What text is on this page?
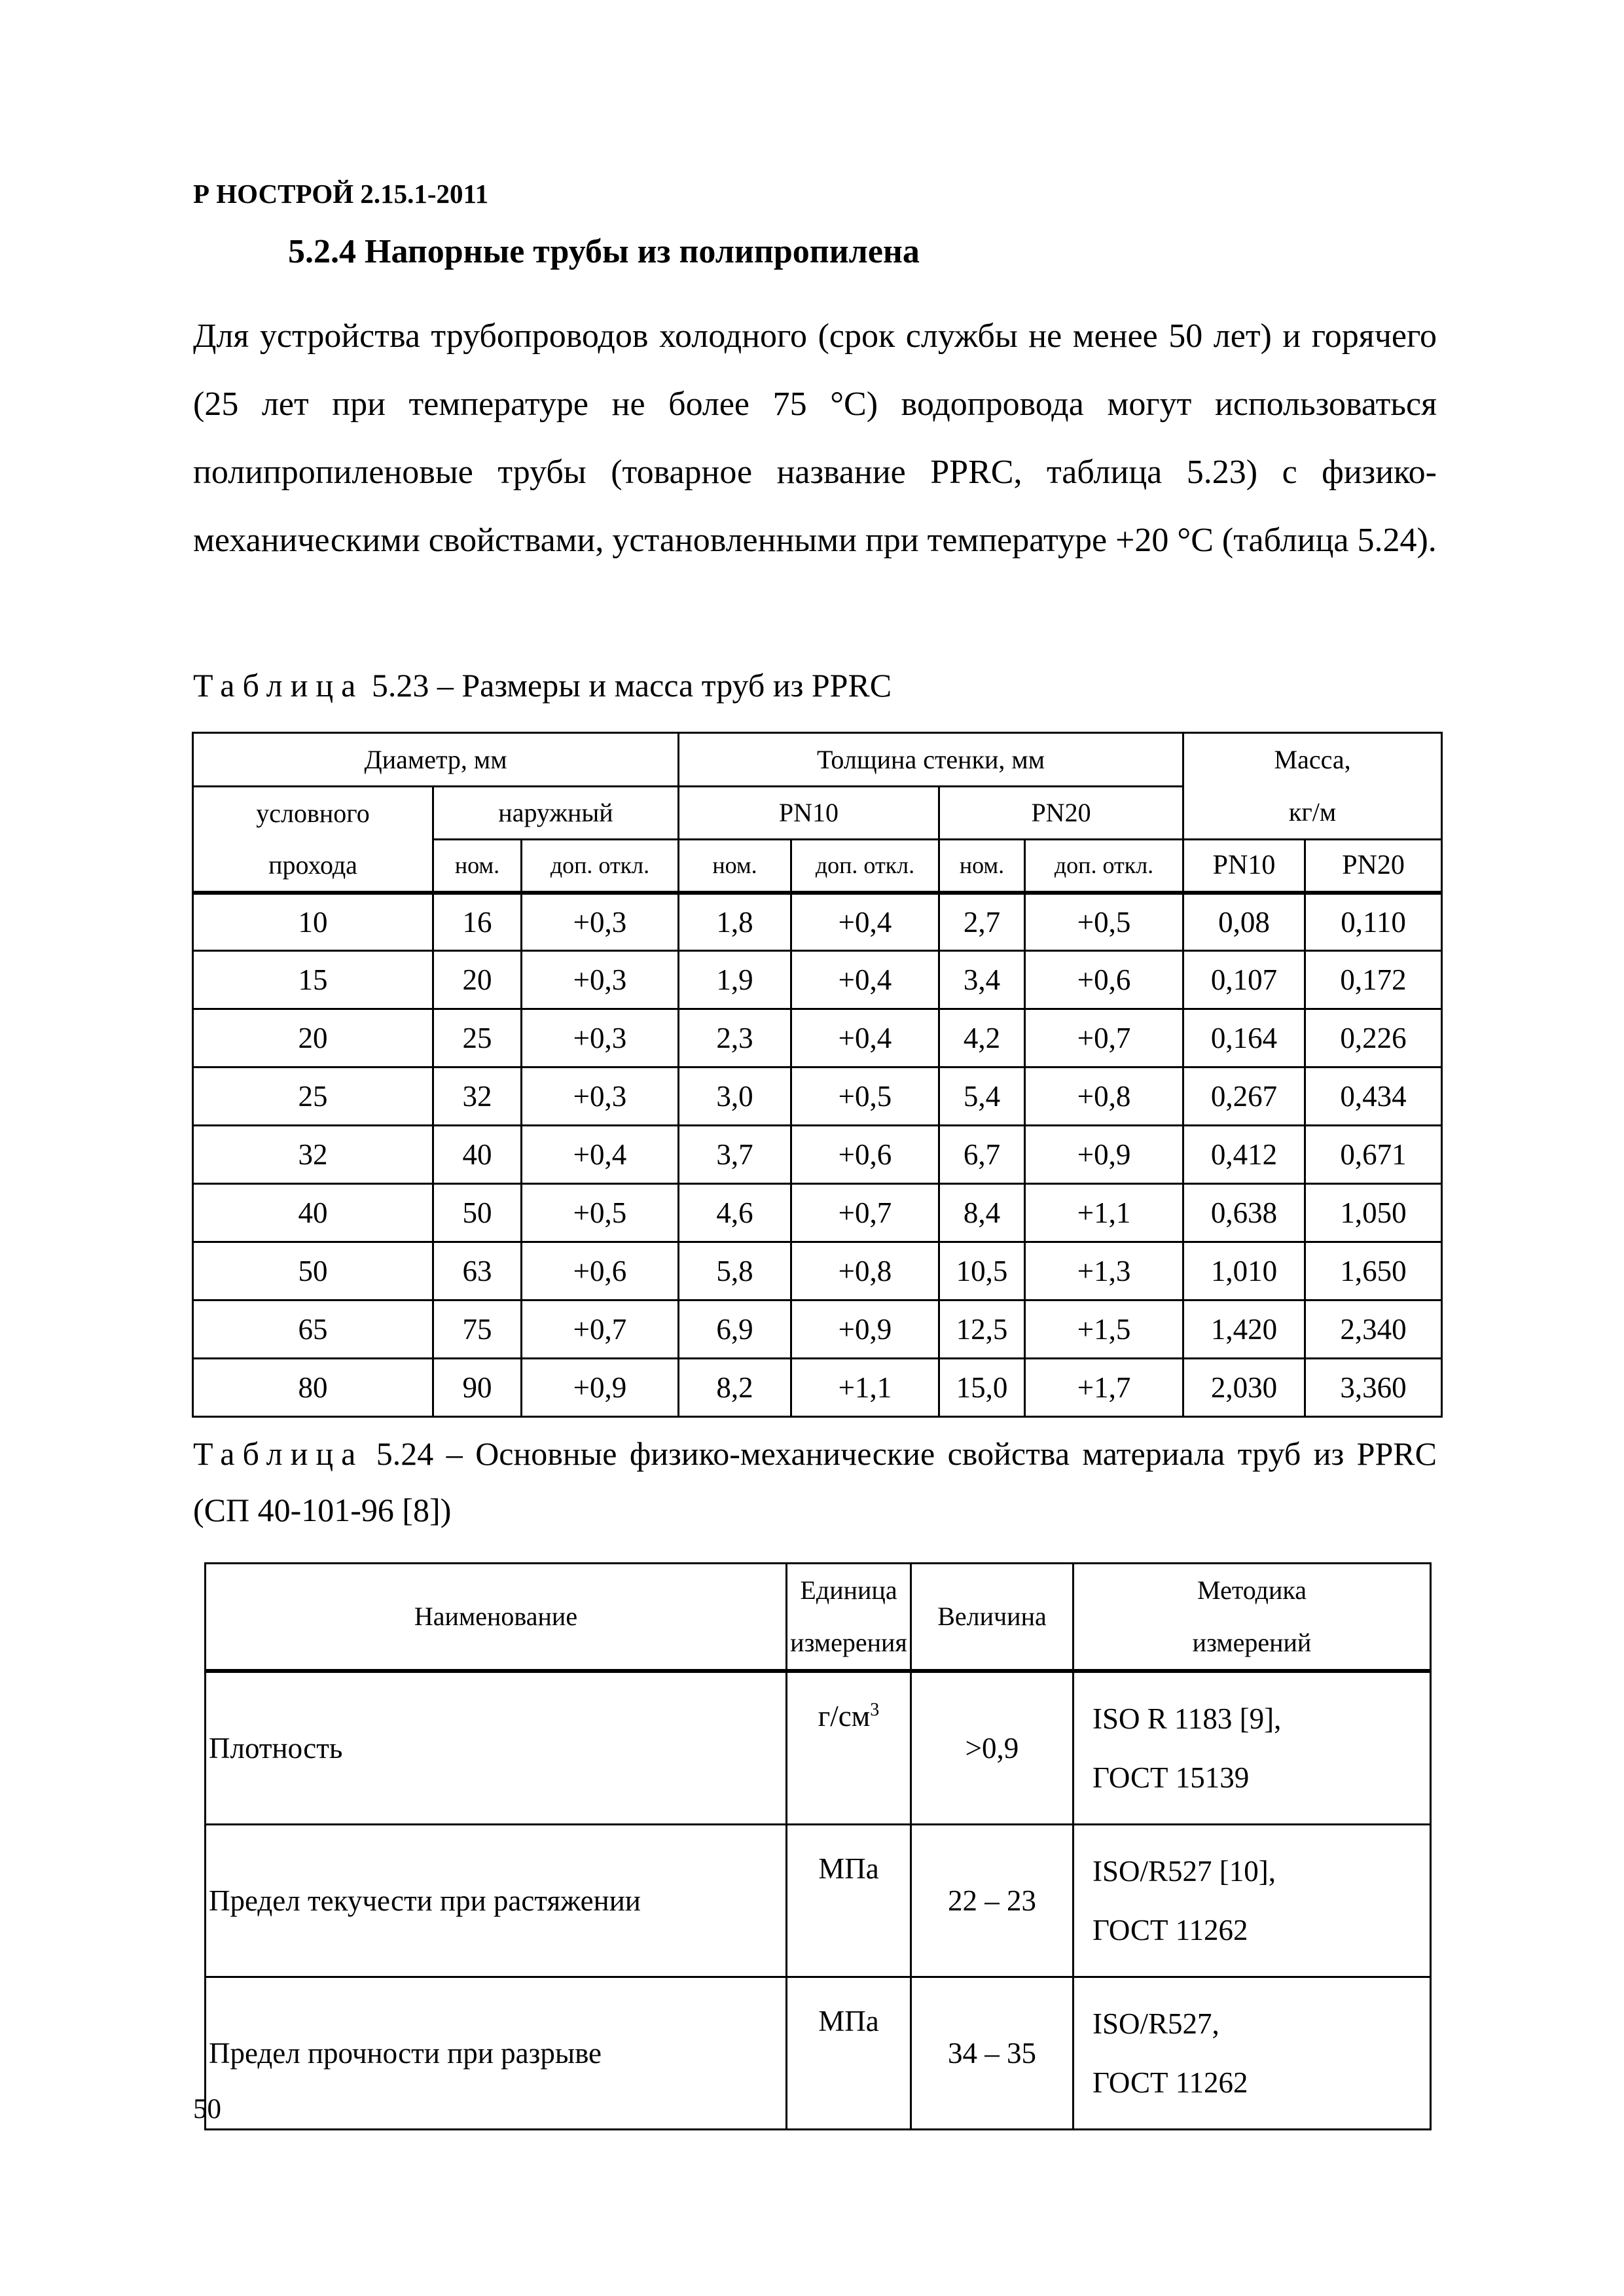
Р НОСТРОЙ 2.15.1-2011
5.2.4 Напорные трубы из полипропилена
Для устройства трубопроводов холодного (срок службы не менее 50 лет) и горячего (25 лет при температуре не более 75 °С) водопровода могут использоваться полипропиленовые трубы (товарное название PPRC, таблица 5.23) с физико-механическими свойствами, установленными при температуре +20 °С (таблица 5.24).
Таблица 5.23 – Размеры и масса труб из PPRC
Диаметр, мм			Толщина стенки, мм				Масса,
кг/м	
условного	наружный		PN10		PN20			
прохода	ном.	доп. откл.	ном.	доп. откл.	ном.	доп. откл.	PN10	PN20
10	16	+0,3	1,8	+0,4	2,7	+0,5	0,08	0,110
15	20	+0,3	1,9	+0,4	3,4	+0,6	0,107	0,172
20	25	+0,3	2,3	+0,4	4,2	+0,7	0,164	0,226
25	32	+0,3	3,0	+0,5	5,4	+0,8	0,267	0,434
32	40	+0,4	3,7	+0,6	6,7	+0,9	0,412	0,671
40	50	+0,5	4,6	+0,7	8,4	+1,1	0,638	1,050
50	63	+0,6	5,8	+0,8	10,5	+1,3	1,010	1,650
65	75	+0,7	6,9	+0,9	12,5	+1,5	1,420	2,340
80	90	+0,9	8,2	+1,1	15,0	+1,7	2,030	3,360
Таблица 5.24 – Основные физико-механические свойства материала труб из PPRC (СП 40-101-96 [8])
Наименование	Единица
измерения	Величина	Методика
измерений
Плотность	$г/см^3$	>0,9	ISO R 1183 [9],
ГОСТ 15139
Предел текучести при растяжении	МПа	22 – 23	ISO/R527 [10],
ГОСТ 11262
Предел прочности при разрыве	МПа	34 – 35	ISO/R527,
ГОСТ 11262
50
